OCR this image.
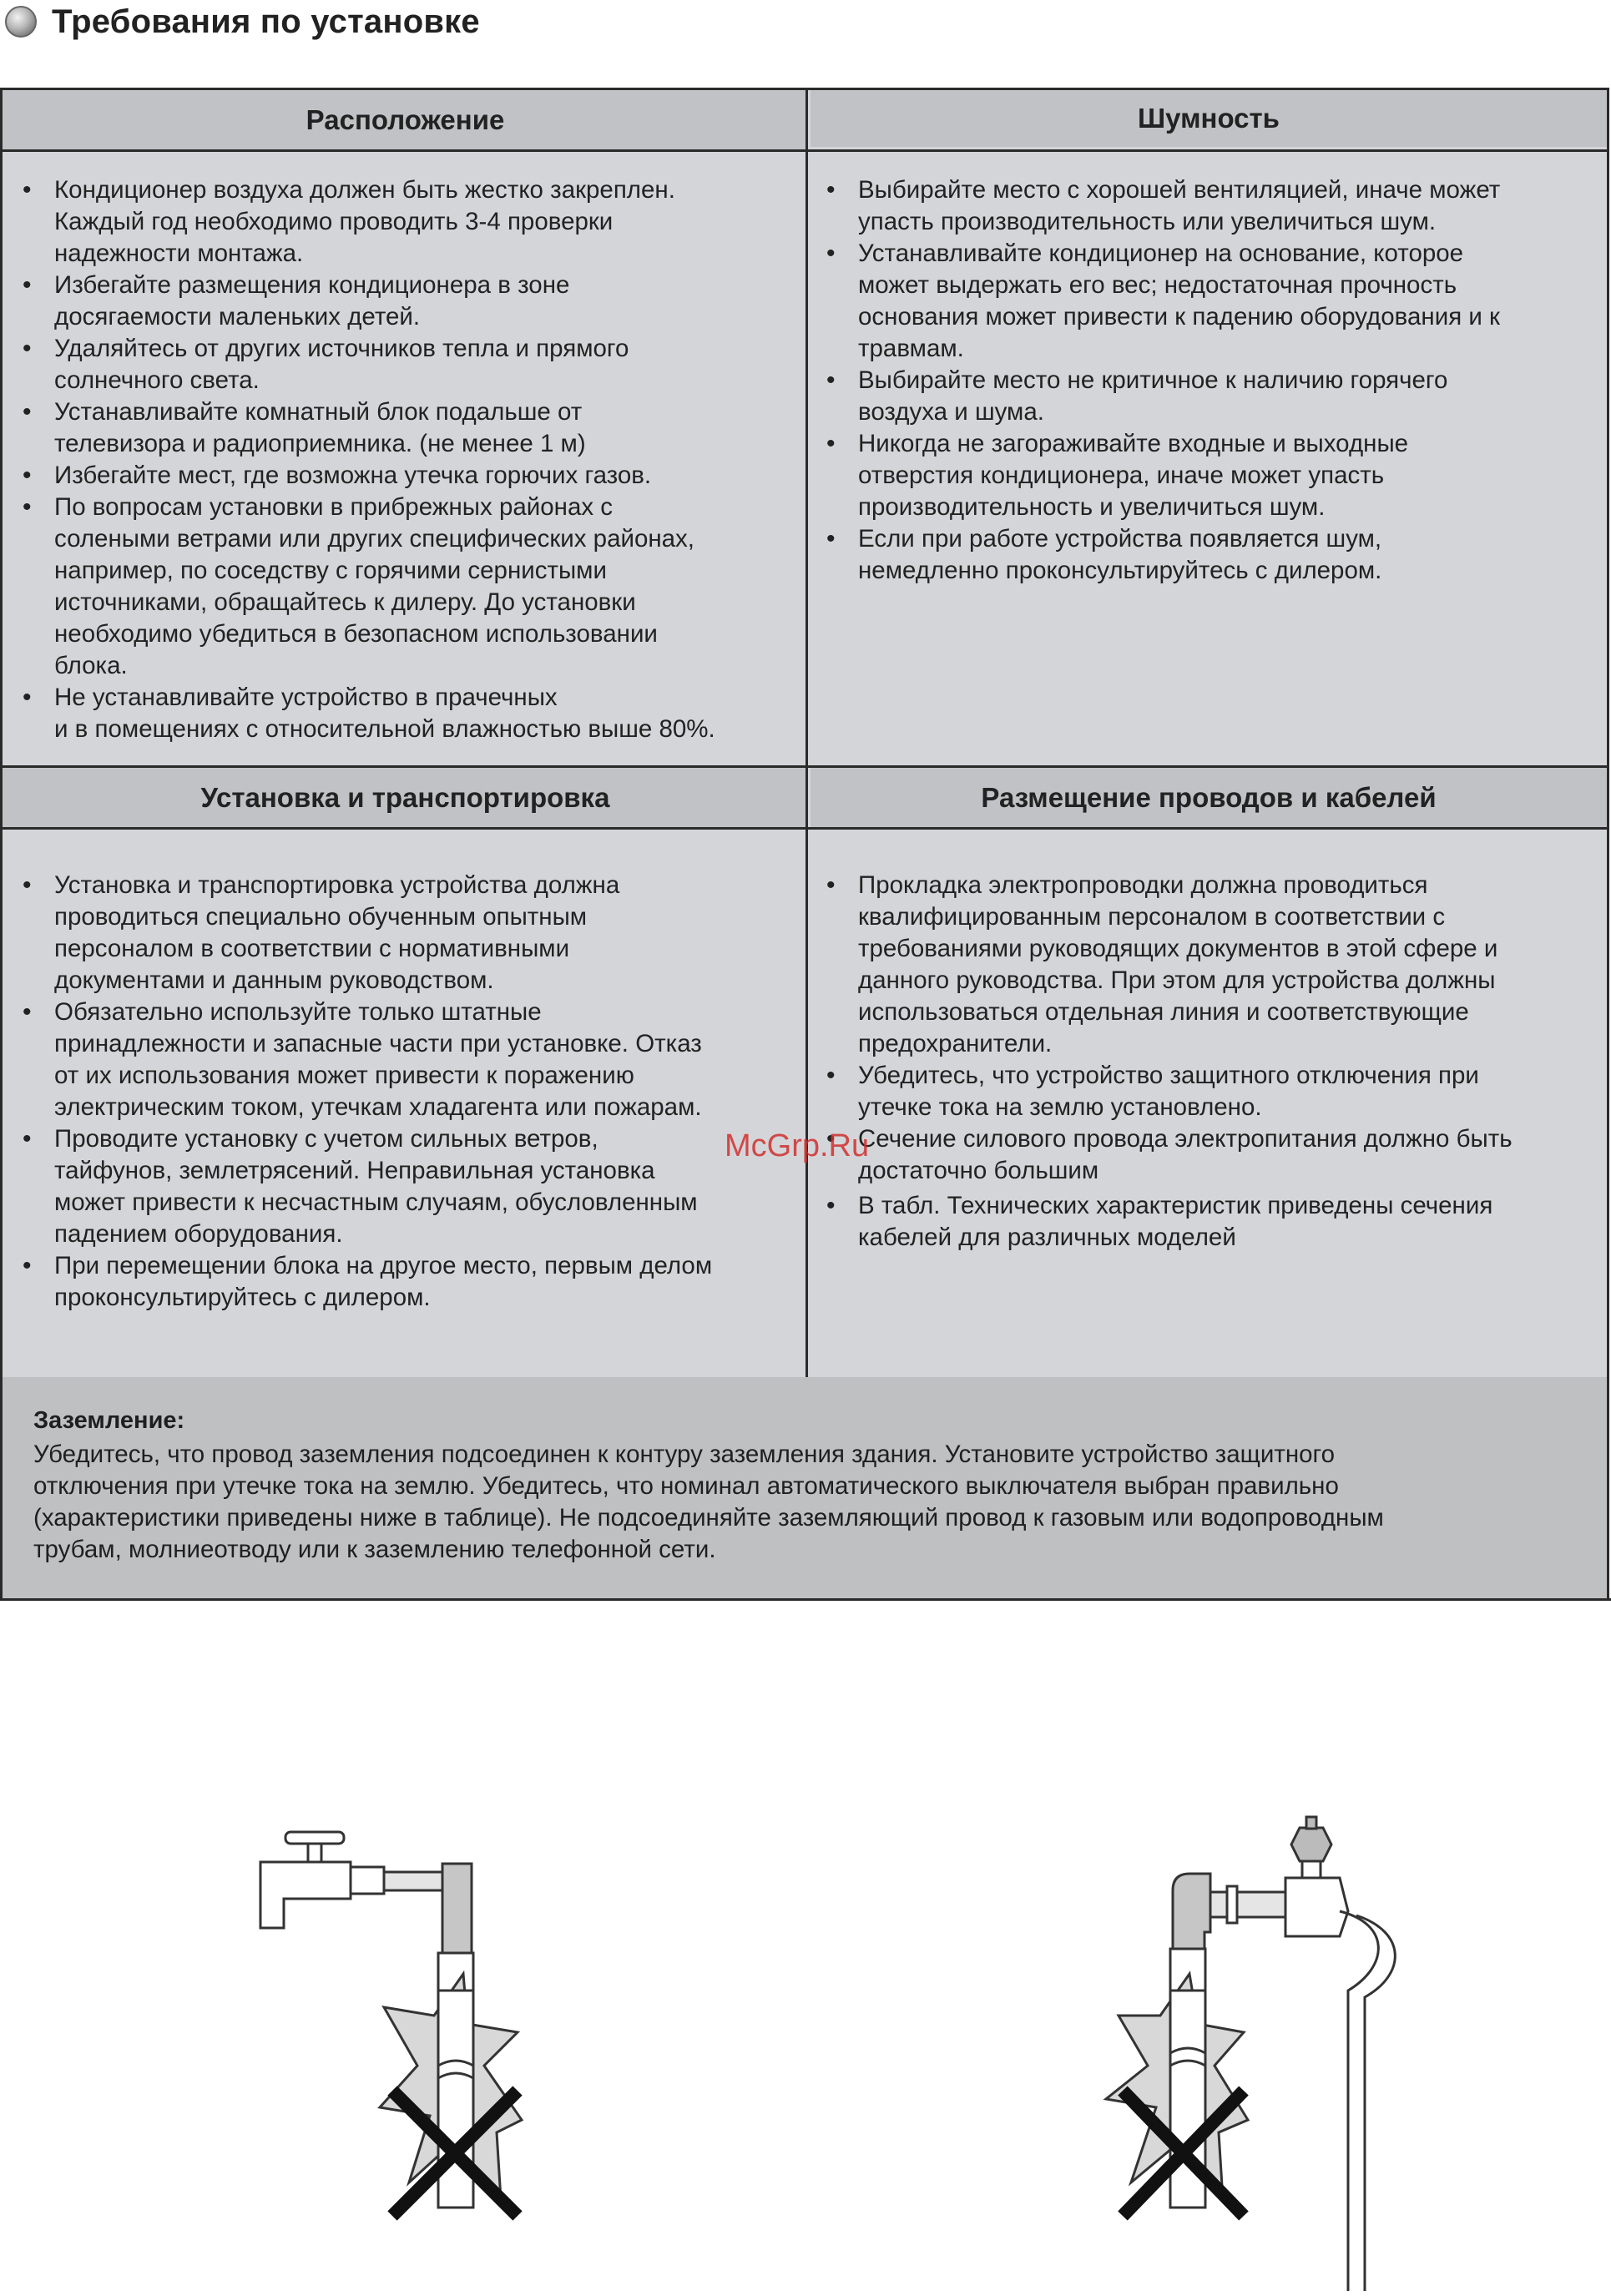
Требования по установке
Расположение	Шумность
Установка и транспортировка	Размещение проводов и кабелей
• Кондиционер воздуха должен быть жестко закреплен.
Каждый год необходимо проводить 3-4 проверки
надежности монтажа.
• Избегайте размещения кондиционера в зоне
досягаемости маленьких детей.
• Удаляйтесь от других источников тепла и прямого
солнечного света.
• Устанавливайте комнатный блок подальше от
телевизора и радиоприемника. (не менее 1 м)
• Избегайте мест, где возможна утечка горючих газов.
• По вопросам установки в прибрежных районах с
солеными ветрами или других специфических районах,
например, по соседству с горячими сернистыми
источниками, обращайтесь к дилеру. До установки
необходимо убедиться в безопасном использовании
блока.
• Не устанавливайте устройство в прачечных
и в помещениях с относительной влажностью выше 80%.
• Выбирайте место с хорошей вентиляцией, иначе может
упасть производительность или увеличиться шум.
• Устанавливайте кондиционер на основание, которое
может выдержать его вес; недостаточная прочность
основания может привести к падению оборудования и к
травмам.
• Выбирайте место не критичное к наличию горячего
воздуха и шума.
• Никогда не загораживайте входные и выходные
отверстия кондиционера, иначе может упасть
производительность и увеличиться шум.
• Если при работе устройства появляется шум,
немедленно проконсультируйтесь с дилером.
• Установка и транспортировка устройства должна
проводиться специально обученным опытным
персоналом в соответствии с нормативными
документами и данным руководством.
• Обязательно используйте только штатные
принадлежности и запасные части при установке. Отказ
от их использования может привести к поражению
электрическим током, утечкам хладагента или пожарам.
• Проводите установку с учетом сильных ветров,
тайфунов, землетрясений. Неправильная установка
может привести к несчастным случаям, обусловленным
падением оборудования.
• При перемещении блока на другое место, первым делом
проконсультируйтесь с дилером.
• Прокладка электропроводки должна проводиться
квалифицированным персоналом в соответствии с
требованиями руководящих документов в этой сфере и
данного руководства. При этом для устройства должны
использоваться отдельная линия и соответствующие
предохранители.
• Убедитесь, что устройство защитного отключения при
утечке тока на землю установлено.
• Сечение силового провода электропитания должно быть
достаточно большим
• В табл. Технических характеристик приведены сечения
кабелей для различных моделей
Заземление:
Убедитесь, что провод заземления подсоединен к контуру заземления здания. Установите устройство защитного
отключения при утечке тока на землю. Убедитесь, что номинал автоматического выключателя выбран правильно
(характеристики приведены ниже в таблице). Не подсоединяйте заземляющий провод к газовым или водопроводным
трубам, молниеотводу или к заземлению телефонной сети.
McGrp.Ru
